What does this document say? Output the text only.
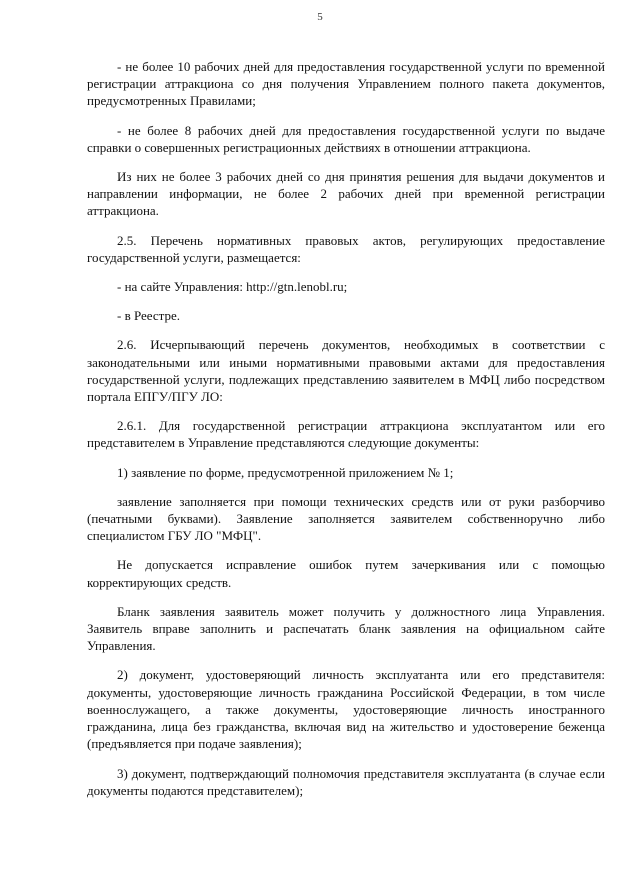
5

- не более 10 рабочих дней для предоставления государственной услуги по временной регистрации аттракциона со дня получения Управлением полного пакета документов, предусмотренных Правилами;

- не более 8 рабочих дней для предоставления государственной услуги по выдаче справки о совершенных регистрационных действиях в отношении аттракциона.

Из них не более 3 рабочих дней со дня принятия решения для выдачи документов и направлении информации, не более 2 рабочих дней при временной регистрации аттракциона.

2.5. Перечень нормативных правовых актов, регулирующих предоставление государственной услуги, размещается:

- на сайте Управления: http://gtn.lenobl.ru;

- в Реестре.

2.6. Исчерпывающий перечень документов, необходимых в соответствии с законодательными или иными нормативными правовыми актами для предоставления государственной услуги, подлежащих представлению заявителем в МФЦ либо посредством портала ЕПГУ/ПГУ ЛО:

2.6.1. Для государственной регистрации аттракциона эксплуатантом или его представителем в Управление представляются следующие документы:

1) заявление по форме, предусмотренной приложением № 1;

заявление заполняется при помощи технических средств или от руки разборчиво (печатными буквами). Заявление заполняется заявителем собственноручно либо специалистом ГБУ ЛО "МФЦ".

Не допускается исправление ошибок путем зачеркивания или с помощью корректирующих средств.

Бланк заявления заявитель может получить у должностного лица Управления. Заявитель вправе заполнить и распечатать бланк заявления на официальном сайте Управления.

2) документ, удостоверяющий личность эксплуатанта или его представителя: документы, удостоверяющие личность гражданина Российской Федерации, в том числе военнослужащего, а также документы, удостоверяющие личность иностранного гражданина, лица без гражданства, включая вид на жительство и удостоверение беженца (предъявляется при подаче заявления);

3) документ, подтверждающий полномочия представителя эксплуатанта (в случае если документы подаются представителем);
